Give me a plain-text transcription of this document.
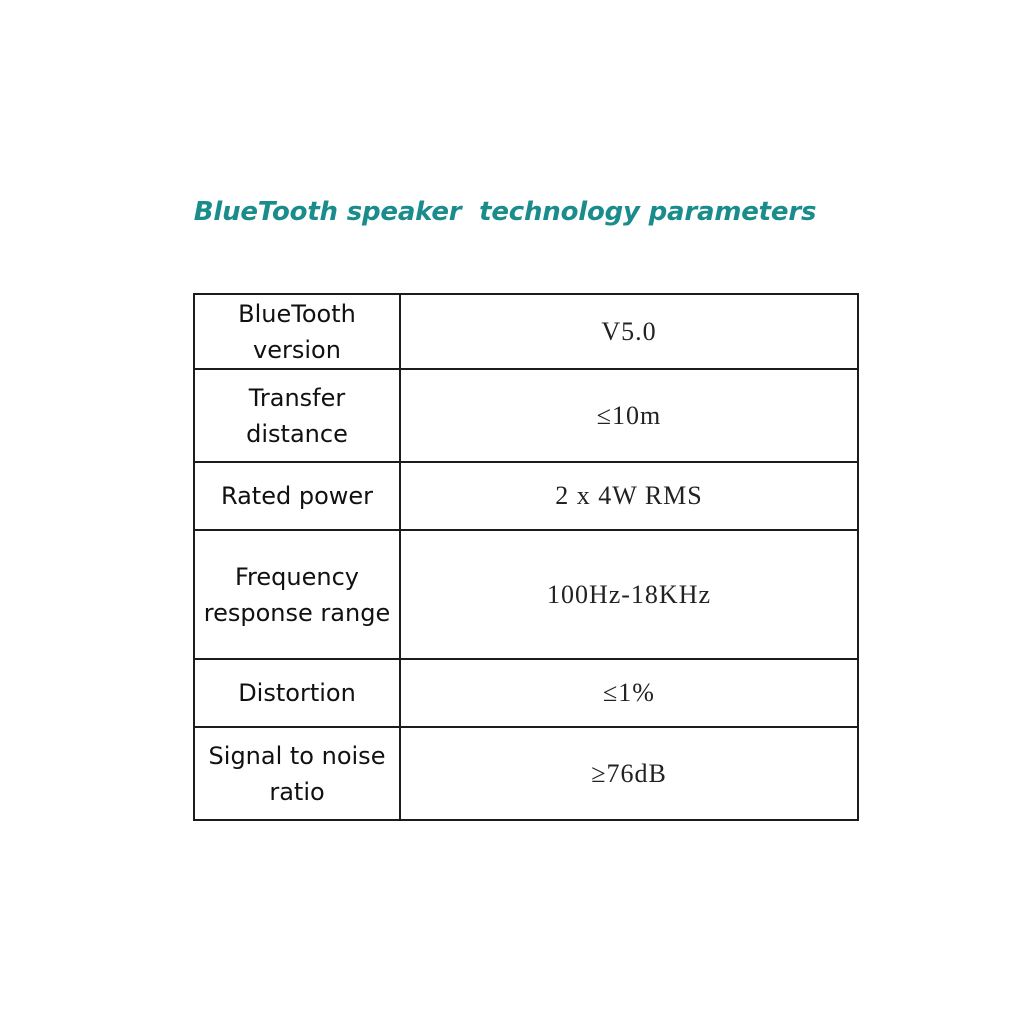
BlueTooth speaker  technology parameters
BlueTooth version	V5.0
Transfer distance	≤10m
Rated power	2 x 4W RMS
Frequency response range	100Hz-18KHz
Distortion	≤1%
Signal to noise ratio	≥76dB
